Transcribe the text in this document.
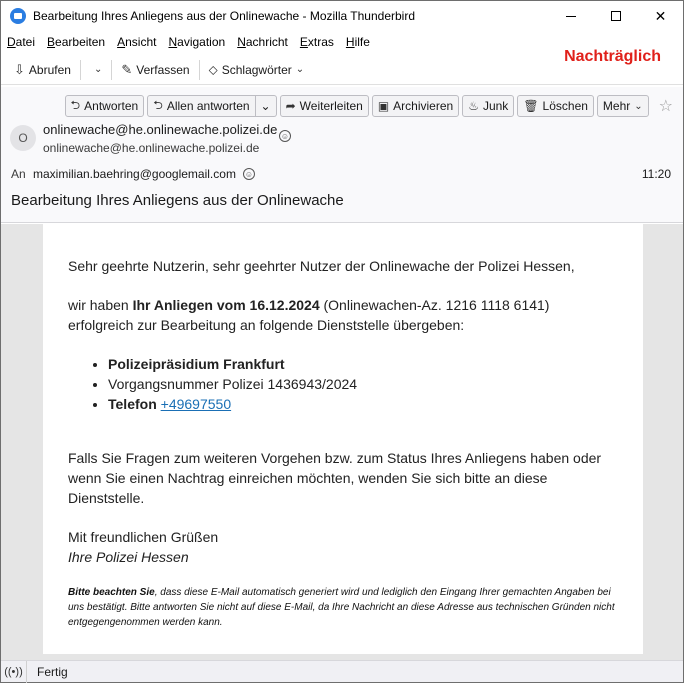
Bearbeitung Ihres Anliegens aus der Onlinewache - Mozilla Thunderbird	✕
Datei Bearbeiten Ansicht Navigation Nachricht Extras Hilfe
Nachträglich
⇩ Abrufen ⌄ ✎ Verfassen ⬦ Schlagwörter ⌄
⮌ Antworten ⮌ Allen antworten ⌄ ➦ Weiterleiten ▣ Archivieren ♨ Junk 🗑 Löschen Mehr ⌄ ☆
O
onlinewache@he.onlinewache.polizei.de ☺
onlinewache@he.onlinewache.polizei.de
An maximilian.baehring@googlemail.com ☺	11:20
Bearbeitung Ihres Anliegens aus der Onlinewache

Sehr geehrte Nutzerin, sehr geehrter Nutzer der Onlinewache der Polizei Hessen,

wir haben Ihr Anliegen vom 16.12.2024 (Onlinewachen-Az. 1216 1118 6141) erfolgreich zur Bearbeitung an folgende Dienststelle übergeben:

• Polizeipräsidium Frankfurt
• Vorgangsnummer Polizei 1436943/2024
• Telefon +49697550

Falls Sie Fragen zum weiteren Vorgehen bzw. zum Status Ihres Anliegens haben oder wenn Sie einen Nachtrag einreichen möchten, wenden Sie sich bitte an diese Dienststelle.

Mit freundlichen Grüßen
Ihre Polizei Hessen
Bitte beachten Sie, dass diese E-Mail automatisch generiert wird und lediglich den Eingang Ihrer gemachten Angaben bei uns bestätigt. Bitte antworten Sie nicht auf diese E-Mail, da Ihre Nachricht an diese Adresse aus technischen Gründen nicht entgegengenommen werden kann.
((•))	Fertig
